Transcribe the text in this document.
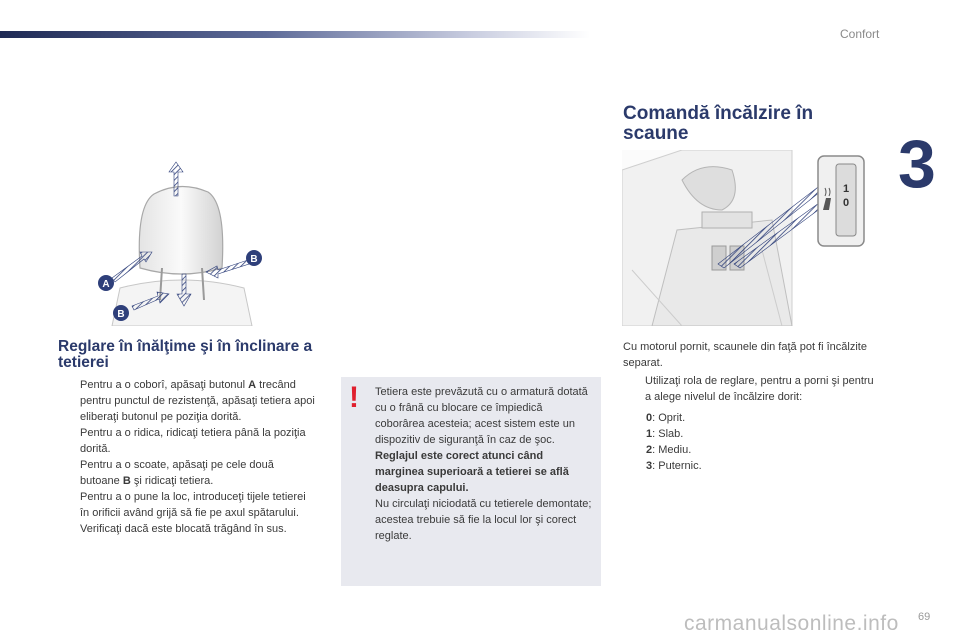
Confort
3
A
B
B
1
0
Reglare în înălţime şi în înclinare a tetierei
Pentru a o coborî, apăsaţi butonul A trecând pentru punctul de rezistenţă, apăsaţi tetiera apoi eliberaţi butonul pe poziţia dorită.
Pentru a o ridica, ridicaţi tetiera până la poziţia dorită.
Pentru a o scoate, apăsaţi pe cele două butoane B şi ridicaţi tetiera.
Pentru a o pune la loc, introduceţi tijele tetierei în orificii având grijă să fie pe axul spătarului. Verificaţi dacă este blocată trăgând în sus.
! Tetiera este prevăzută cu o armatură dotată cu o frână cu blocare ce împiedică coborârea acesteia; acest sistem este un dispozitiv de siguranţă în caz de şoc.

Reglajul este corect atunci când marginea superioară a tetierei se află deasupra capului.

Nu circulaţi niciodată cu tetierele demontate; acestea trebuie să fie la locul lor şi corect reglate.

Comandă încălzire în scaune

Cu motorul pornit, scaunele din faţă pot fi încălzite separat.

Utilizaţi rola de reglare, pentru a porni şi pentru a alege nivelul de încălzire dorit:
0: Oprit.
1: Slab.
2: Mediu.
3: Puternic.
carmanualsonline.info 69
